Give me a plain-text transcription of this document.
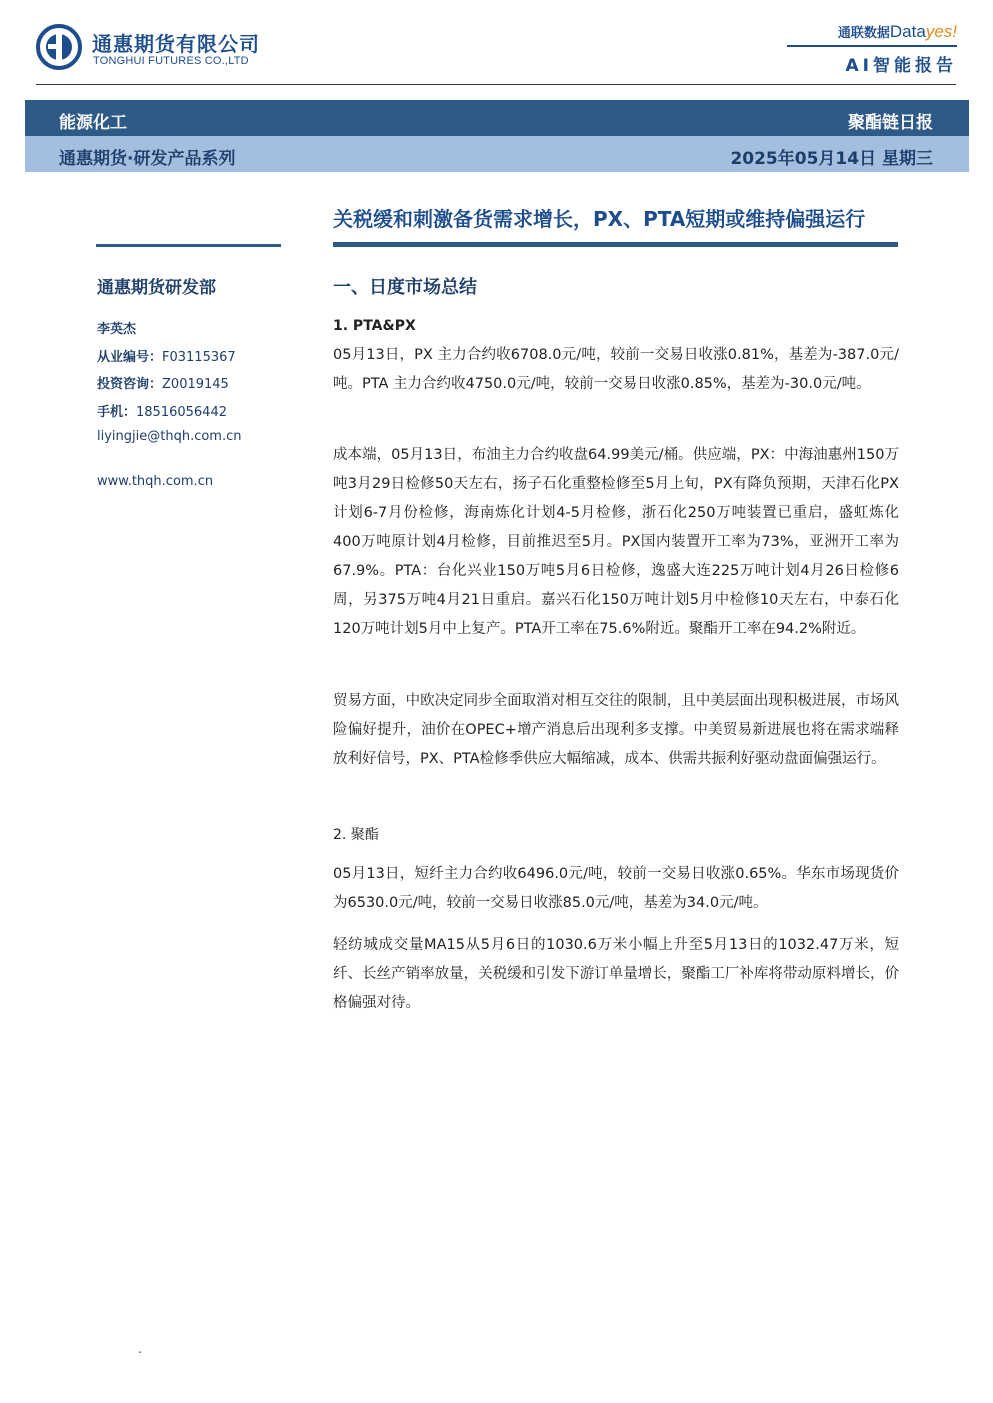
通惠期货有限公司
TONGHUI FUTURES CO.,LTD
通联数据Datayes!
AI智能报告
能源化工	聚酯链日报
通惠期货·研发产品系列	2025年05月14日 星期三
关税缓和刺激备货需求增长，PX、PTA短期或维持偏强运行
通惠期货研发部
李英杰
从业编号：F03115367
投资咨询：Z0019145
手机：18516056442
liyingjie@thqh.com.cn
www.thqh.com.cn
一、日度市场总结
1. PTA&PX

05月13日，PX 主力合约收6708.0元/吨，较前一交易日收涨0.81%，基差为-387.0元/吨。PTA 主力合约收4750.0元/吨，较前一交易日收涨0.85%，基差为-30.0元/吨。

成本端，05月13日，布油主力合约收盘64.99美元/桶。供应端，PX：中海油惠州150万吨3月29日检修50天左右，扬子石化重整检修至5月上旬，PX有降负预期，天津石化PX计划6-7月份检修，海南炼化计划4-5月检修，浙石化250万吨装置已重启，盛虹炼化400万吨原计划4月检修，目前推迟至5月。PX国内装置开工率为73%，亚洲开工率为67.9%。PTA：台化兴业150万吨5月6日检修，逸盛大连225万吨计划4月26日检修6周，另375万吨4月21日重启。嘉兴石化150万吨计划5月中检修10天左右，中泰石化120万吨计划5月中上复产。PTA开工率在75.6%附近。聚酯开工率在94.2%附近。

贸易方面，中欧决定同步全面取消对相互交往的限制，且中美层面出现积极进展，市场风险偏好提升，油价在OPEC+增产消息后出现利多支撑。中美贸易新进展也将在需求端释放利好信号，PX、PTA检修季供应大幅缩减，成本、供需共振利好驱动盘面偏强运行。

2. 聚酯

05月13日，短纤主力合约收6496.0元/吨，较前一交易日收涨0.65%。华东市场现货价为6530.0元/吨，较前一交易日收涨85.0元/吨，基差为34.0元/吨。

轻纺城成交量MA15从5月6日的1030.6万米小幅上升至5月13日的1032.47万米，短纤、长丝产销率放量，关税缓和引发下游订单量增长，聚酯工厂补库将带动原料增长，价格偏强对待。

-
